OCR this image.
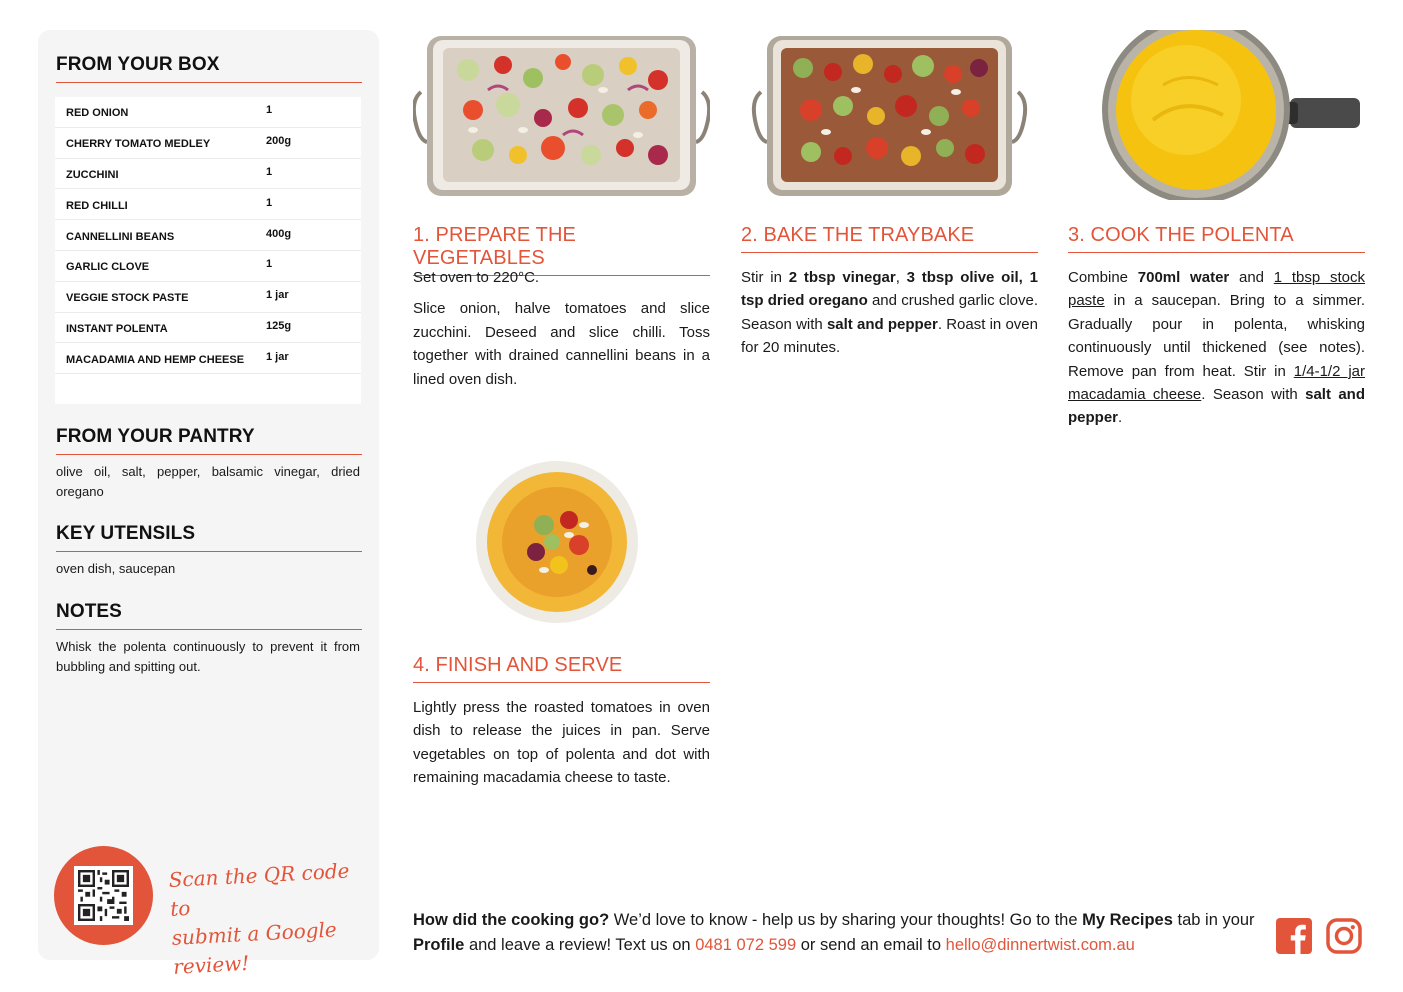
FROM YOUR BOX
RED ONION	1
CHERRY TOMATO MEDLEY	200g
ZUCCHINI	1
RED CHILLI	1
CANNELLINI BEANS	400g
GARLIC CLOVE	1
VEGGIE STOCK PASTE	1 jar
INSTANT POLENTA	125g
MACADAMIA AND HEMP CHEESE	1 jar
FROM YOUR PANTRY
olive oil, salt, pepper, balsamic vinegar, dried oregano
KEY UTENSILS
oven dish, saucepan
NOTES
Whisk the polenta continuously to prevent it from bubbling and spitting out.
Scan the QR code to
submit a Google review!
1. PREPARE THE VEGETABLES

Set oven to 220°C.

Slice onion, halve tomatoes and slice zucchini. Deseed and slice chilli. Toss together with drained cannellini beans in a lined oven dish.

2. BAKE THE TRAYBAKE

Stir in 2 tbsp vinegar, 3 tbsp olive oil, 1 tsp dried oregano and crushed garlic clove. Season with salt and pepper. Roast in oven for 20 minutes.

3. COOK THE POLENTA

Combine 700ml water and 1 tbsp stock paste in a saucepan. Bring to a simmer. Gradually pour in polenta, whisking continuously until thickened (see notes). Remove pan from heat. Stir in 1/4-1/2 jar macadamia cheese. Season with salt and pepper.

4. FINISH AND SERVE

Lightly press the roasted tomatoes in oven dish to release the juices in pan. Serve vegetables on top of polenta and dot with remaining macadamia cheese to taste.

How did the cooking go? We’d love to know - help us by sharing your thoughts! Go to the My Recipes tab in your Profile and leave a review! Text us on 0481 072 599 or send an email to hello@dinnertwist.com.au
